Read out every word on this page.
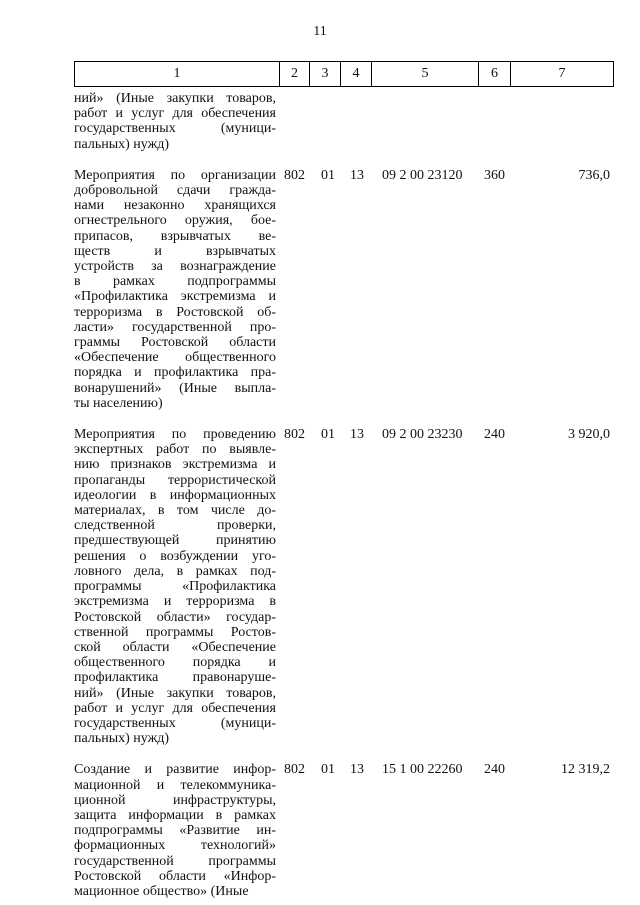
11
1	2	3	4	5	6	7
ний» (Иные закупки товаров,
работ и услуг для обеспечения
государственных (муници-
пальных) нужд)
Мероприятия по организации
добровольной сдачи гражда-
нами незаконно хранящихся
огнестрельного оружия, бое-
припасов, взрывчатых ве-
ществ и взрывчатых
устройств за вознаграждение
в рамках подпрограммы
«Профилактика экстремизма и
терроризма в Ростовской об-
ласти» государственной про-
граммы Ростовской области
«Обеспечение общественного
порядка и профилактика пра-
вонарушений» (Иные выпла-
ты населению)
802 01	13	09 2 00 23120	360	736,0
Мероприятия по проведению
экспертных работ по выявле-
нию признаков экстремизма и
пропаганды террористической
идеологии в информационных
материалах, в том числе до-
следственной проверки,
предшествующей принятию
решения о возбуждении уго-
ловного дела, в рамках под-
программы «Профилактика
экстремизма и терроризма в
Ростовской области» государ-
ственной программы Ростов-
ской области «Обеспечение
общественного порядка и
профилактика правонаруше-
ний» (Иные закупки товаров,
работ и услуг для обеспечения
государственных (муници-
пальных) нужд)
802 01	13	09 2 00 23230	240	3 920,0
Создание и развитие инфор-
мационной и телекоммуника-
ционной инфраструктуры,
защита информации в рамках
подпрограммы «Развитие ин-
формационных технологий»
государственной программы
Ростовской области «Инфор-
мационное общество» (Иные
802 01	13	15 1 00 22260	240	12 319,2
